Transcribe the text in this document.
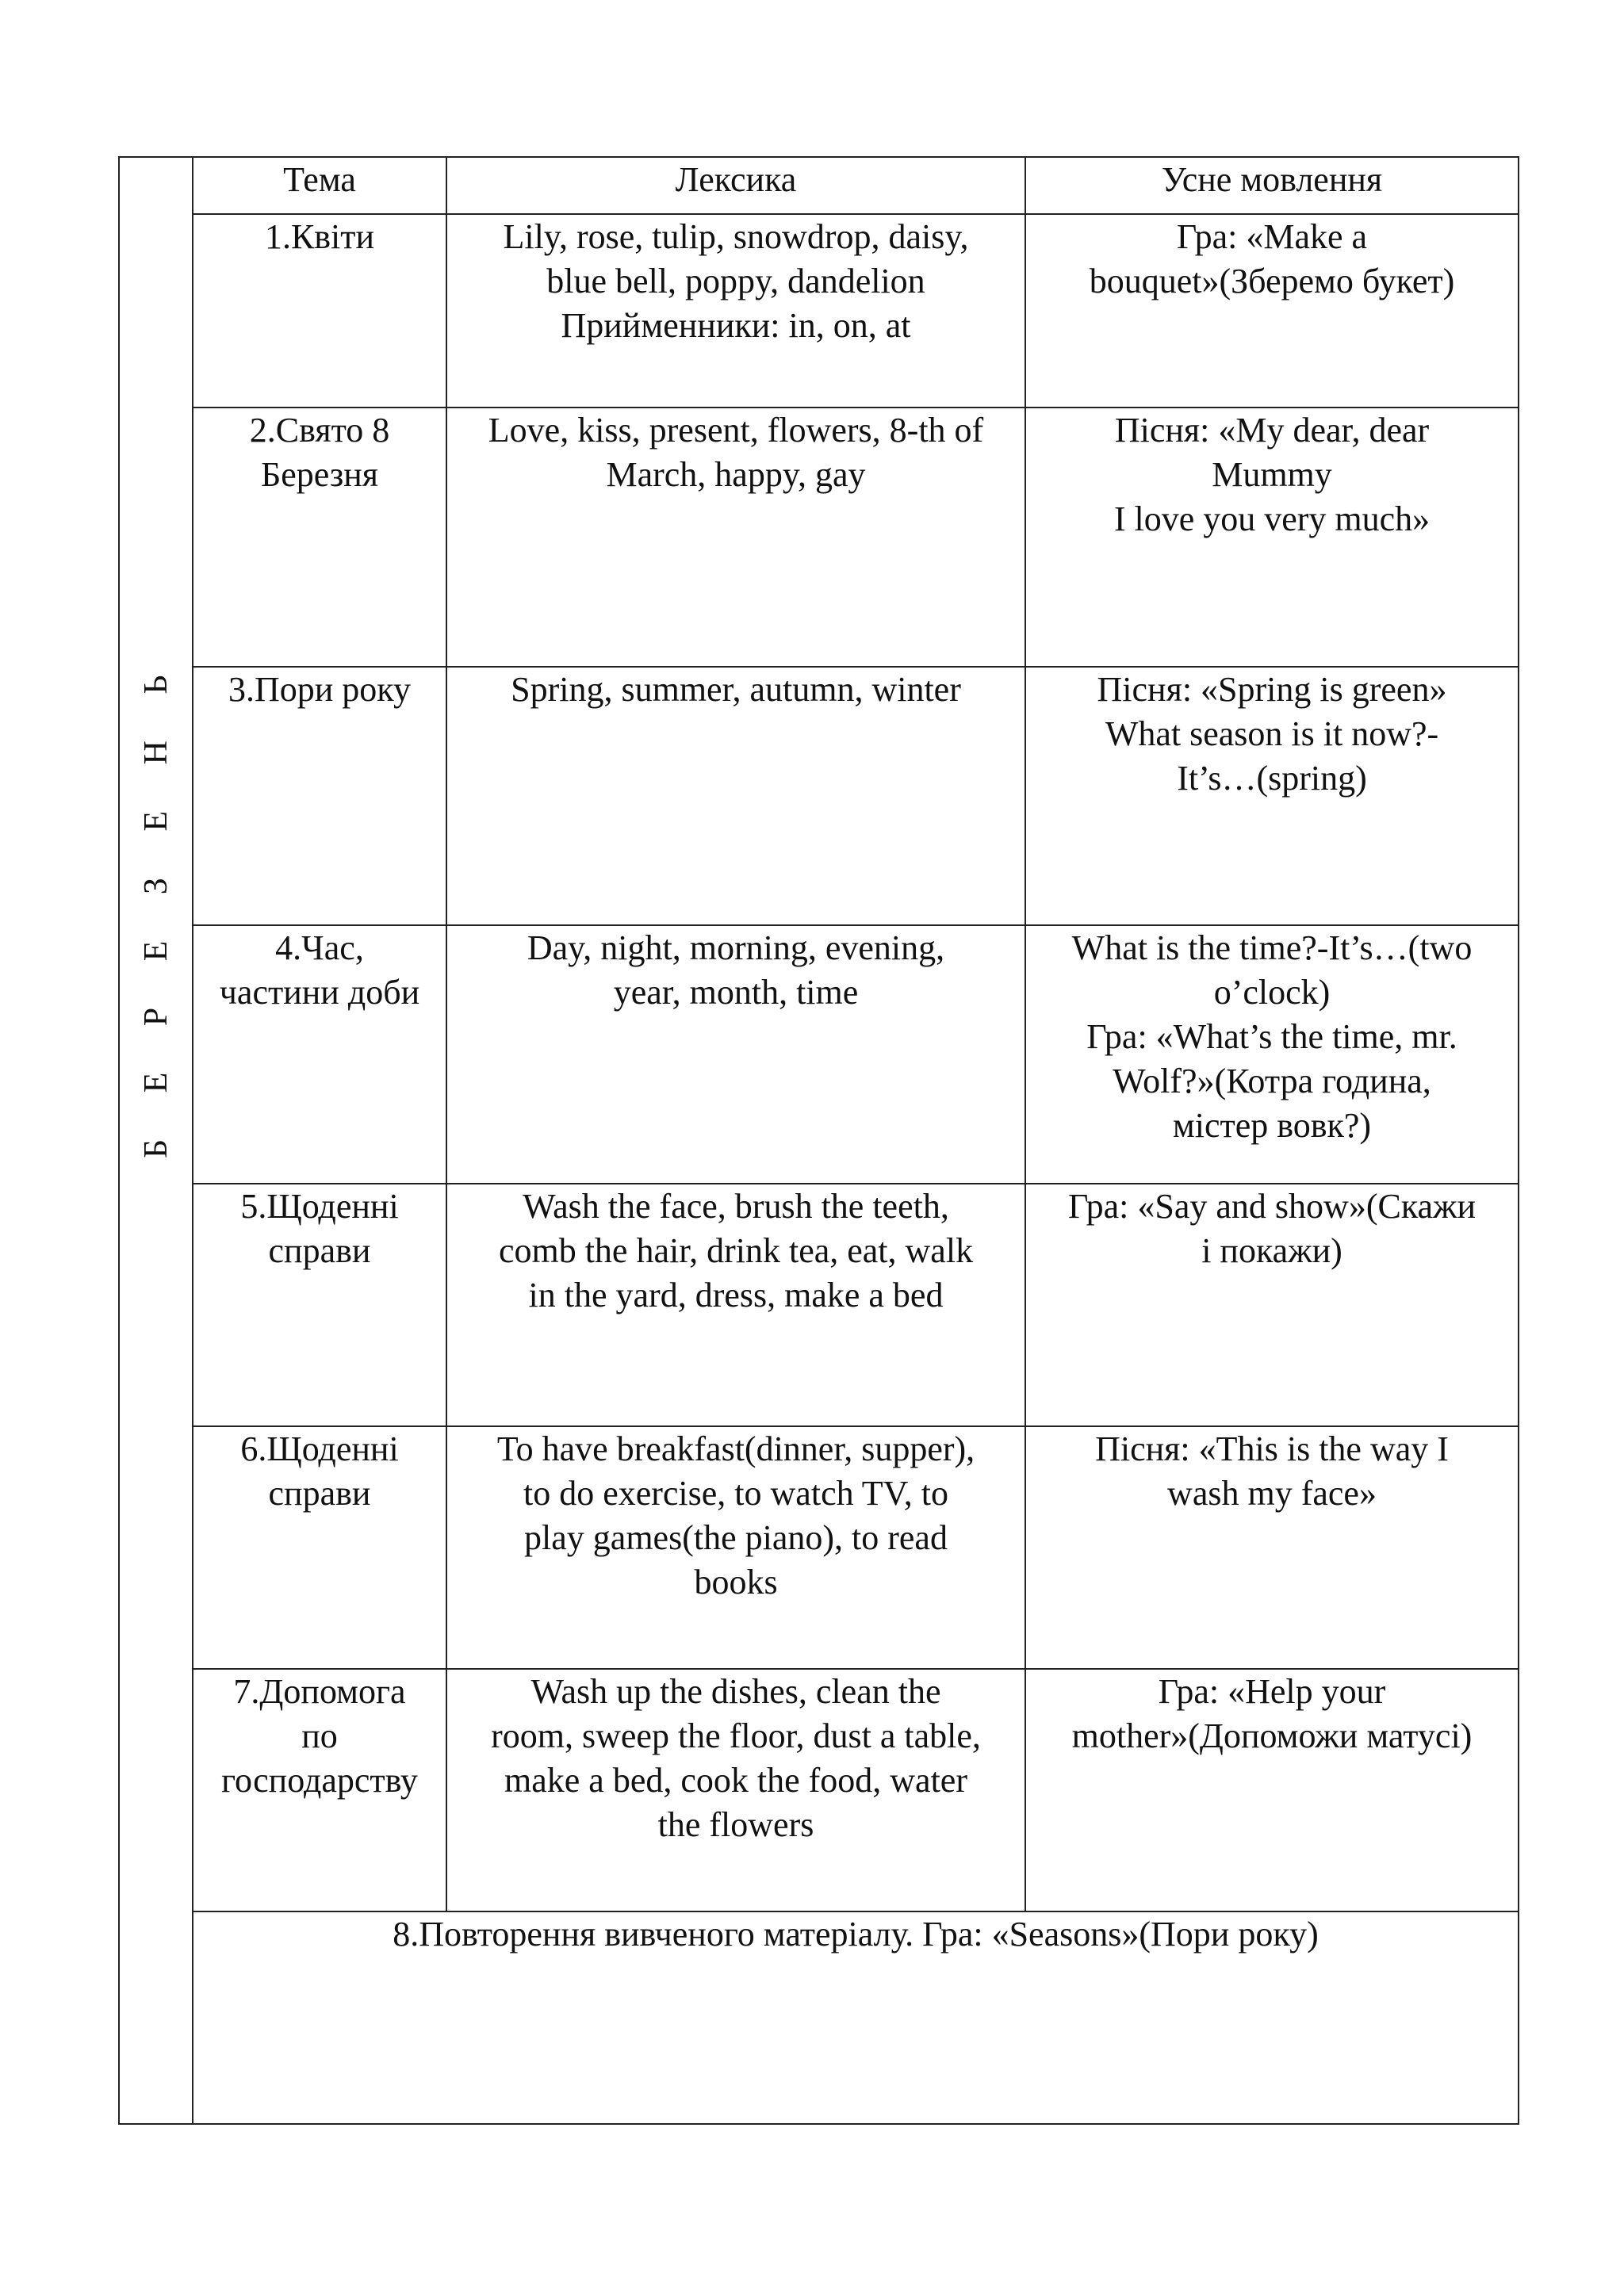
Б Е Р Е З Е Н Ь	Тема	Лексика	Усне мовлення

	1.Квіти	Lily, rose, tulip, snowdrop, daisy,
blue bell, poppy, dandelion
Прийменники: in, on, at	Гра: «Make a
bouquet»(Зберемо букет)

	2.Свято 8
Березня	Love, kiss, present, flowers, 8-th of
March, happy, gay	Пісня: «My dear, dear
Mummy
I love you very much»

	3.Пори року	Spring, summer, autumn, winter	Пісня: «Spring is green»
What season is it now?-
It’s…(spring)

	4.Час,
частини доби	Day, night, morning, evening,
year, month, time	What is the time?-It’s…(two
o’clock)
Гра: «What’s the time, mr.
Wolf?»(Котра година,
містер вовк?)

	5.Щоденні
справи	Wash the face, brush the teeth,
comb the hair, drink tea, eat, walk
in the yard, dress, make a bed	Гра: «Say and show»(Скажи
і покажи)

	6.Щоденні
справи	To have breakfast(dinner, supper),
to do exercise, to watch TV, to
play games(the piano), to read
books	Пісня: «This is the way I
wash my face»

	7.Допомога
по
господарству	Wash up the dishes, clean the
room, sweep the floor, dust a table,
make a bed, cook the food, water
the flowers	Гра: «Help your
mother»(Допоможи матусі)

	8.Повторення вивченого матеріалу. Гра: «Seasons»(Пори року)		
